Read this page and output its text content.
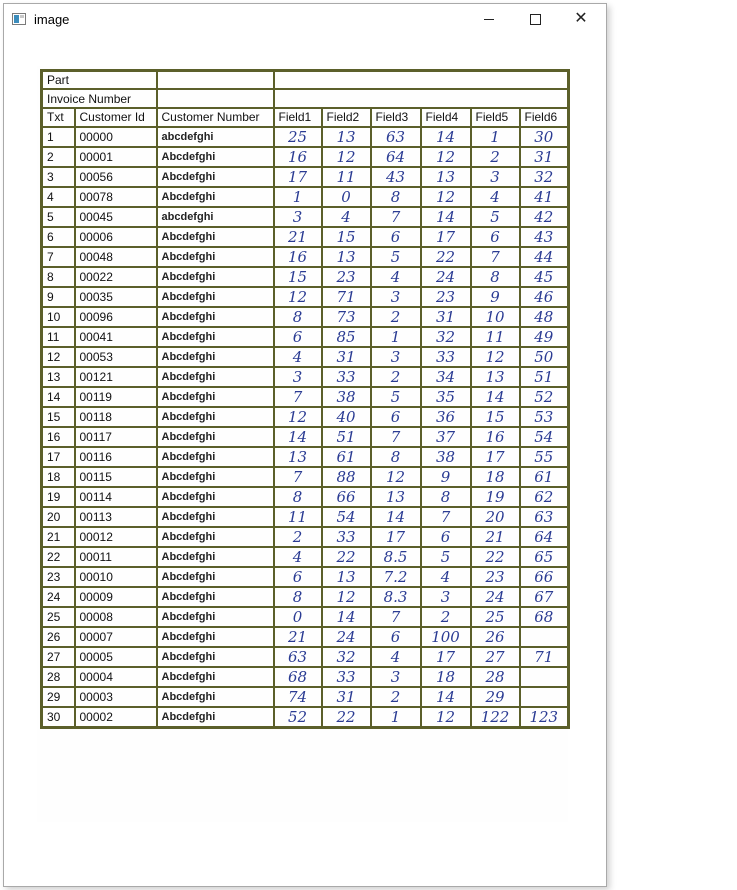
image	✕
Part								
Invoice Number								
Txt	Customer Id	Customer Number	Field1	Field2	Field3	Field4	Field5	Field6
1	00000	abcdefghi	25	13	63	14	1	30
2	00001	Abcdefghi	16	12	64	12	2	31
3	00056	Abcdefghi	17	11	43	13	3	32
4	00078	Abcdefghi	1	0	8	12	4	41
5	00045	abcdefghi	3	4	7	14	5	42
6	00006	Abcdefghi	21	15	6	17	6	43
7	00048	Abcdefghi	16	13	5	22	7	44
8	00022	Abcdefghi	15	23	4	24	8	45
9	00035	Abcdefghi	12	71	3	23	9	46
10	00096	Abcdefghi	8	73	2	31	10	48
11	00041	Abcdefghi	6	85	1	32	11	49
12	00053	Abcdefghi	4	31	3	33	12	50
13	00121	Abcdefghi	3	33	2	34	13	51
14	00119	Abcdefghi	7	38	5	35	14	52
15	00118	Abcdefghi	12	40	6	36	15	53
16	00117	Abcdefghi	14	51	7	37	16	54
17	00116	Abcdefghi	13	61	8	38	17	55
18	00115	Abcdefghi	7	88	12	9	18	61
19	00114	Abcdefghi	8	66	13	8	19	62
20	00113	Abcdefghi	11	54	14	7	20	63
21	00012	Abcdefghi	2	33	17	6	21	64
22	00011	Abcdefghi	4	22	8.5	5	22	65
23	00010	Abcdefghi	6	13	7.2	4	23	66
24	00009	Abcdefghi	8	12	8.3	3	24	67
25	00008	Abcdefghi	0	14	7	2	25	68
26	00007	Abcdefghi	21	24	6	100	26	
27	00005	Abcdefghi	63	32	4	17	27	71
28	00004	Abcdefghi	68	33	3	18	28	
29	00003	Abcdefghi	74	31	2	14	29	
30	00002	Abcdefghi	52	22	1	12	122	123
